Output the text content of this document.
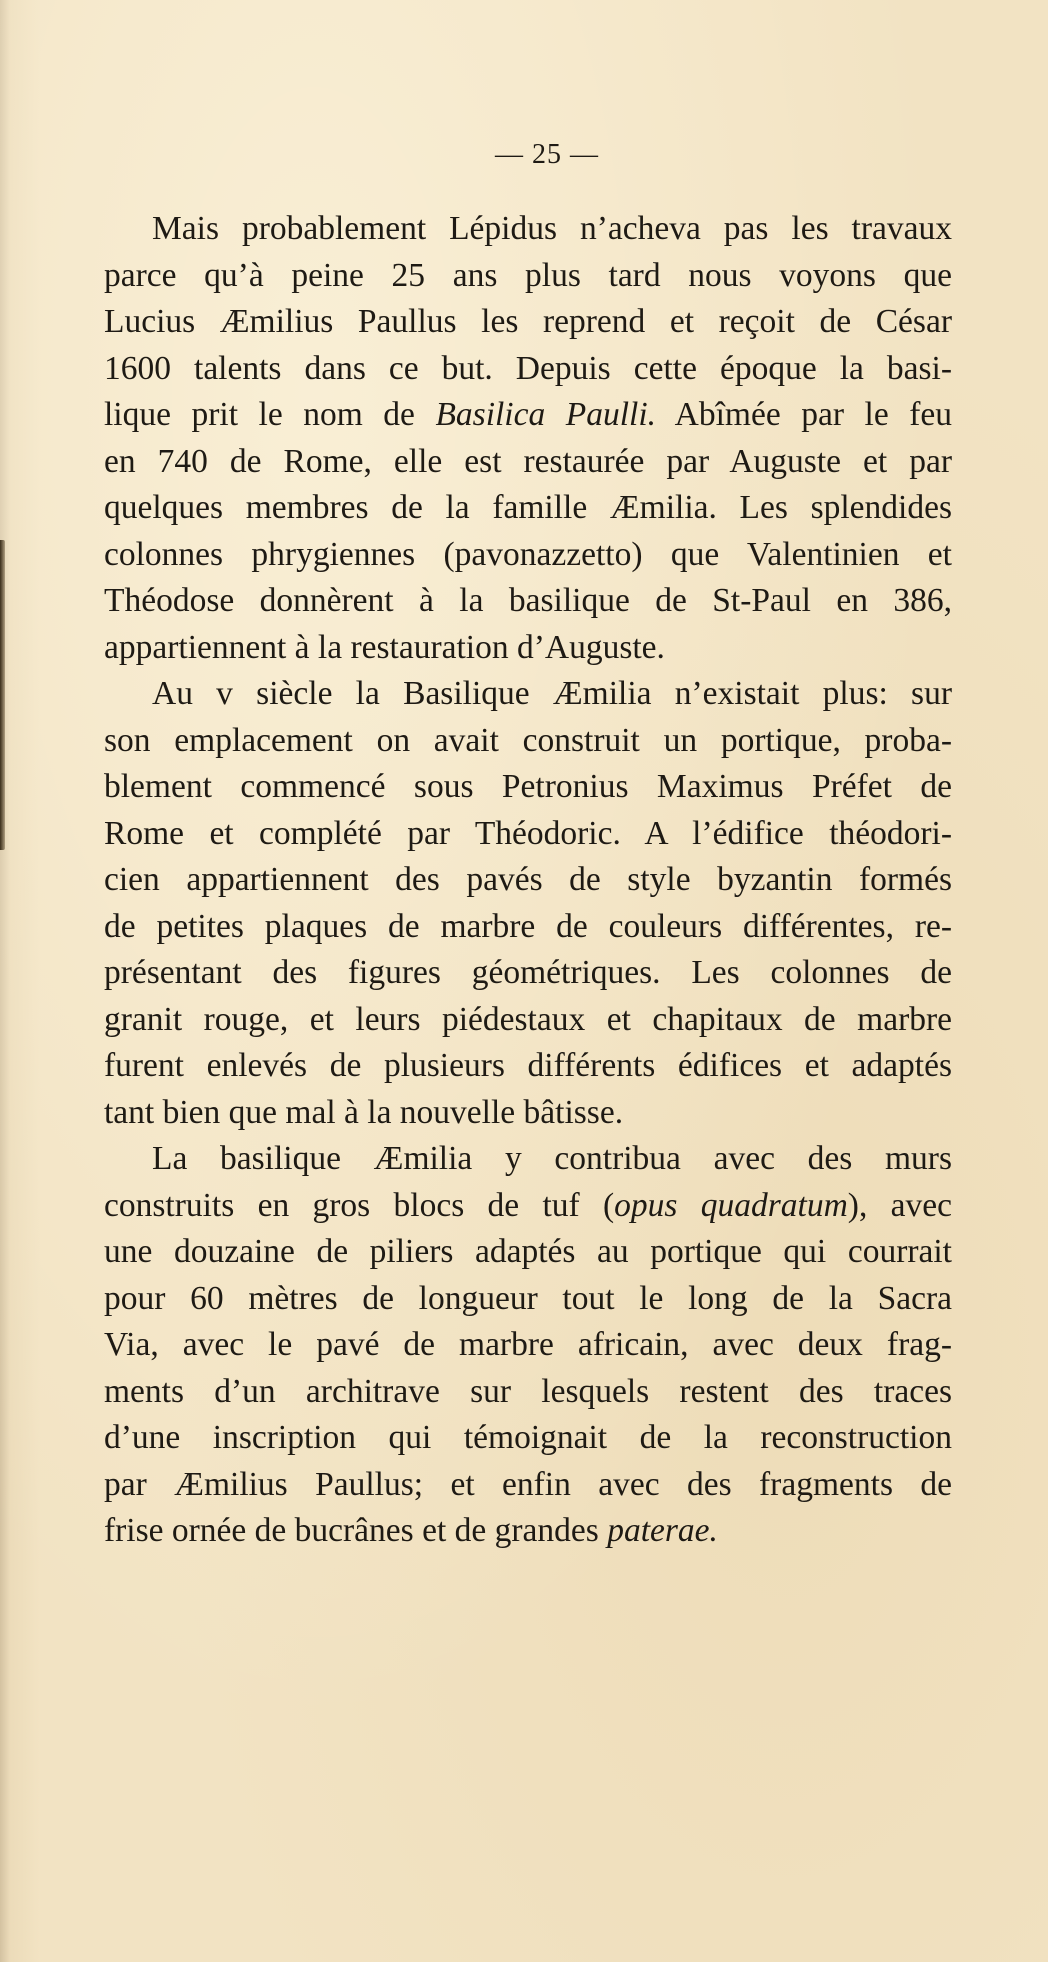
— 25 —
Mais probablement Lépidus n’acheva pas les travaux
parce qu’à peine 25 ans plus tard nous voyons que
Lucius Æmilius Paullus les reprend et reçoit de César
1600 talents dans ce but. Depuis cette époque la basi-
lique prit le nom de Basilica Paulli. Abîmée par le feu
en 740 de Rome, elle est restaurée par Auguste et par
quelques membres de la famille Æmilia. Les splendides
colonnes phrygiennes (pavonazzetto) que Valentinien et
Théodose donnèrent à la basilique de St-Paul en 386,
appartiennent à la restauration d’Auguste.
Au v siècle la Basilique Æmilia n’existait plus: sur
son emplacement on avait construit un portique, proba-
blement commencé sous Petronius Maximus Préfet de
Rome et complété par Théodoric. A l’édifice théodori-
cien appartiennent des pavés de style byzantin formés
de petites plaques de marbre de couleurs différentes, re-
présentant des figures géométriques. Les colonnes de
granit rouge, et leurs piédestaux et chapitaux de marbre
furent enlevés de plusieurs différents édifices et adaptés
tant bien que mal à la nouvelle bâtisse.
La basilique Æmilia y contribua avec des murs
construits en gros blocs de tuf (opus quadratum), avec
une douzaine de piliers adaptés au portique qui courrait
pour 60 mètres de longueur tout le long de la Sacra
Via, avec le pavé de marbre africain, avec deux frag-
ments d’un architrave sur lesquels restent des traces
d’une inscription qui témoignait de la reconstruction
par Æmilius Paullus; et enfin avec des fragments de
frise ornée de bucrânes et de grandes paterae.
